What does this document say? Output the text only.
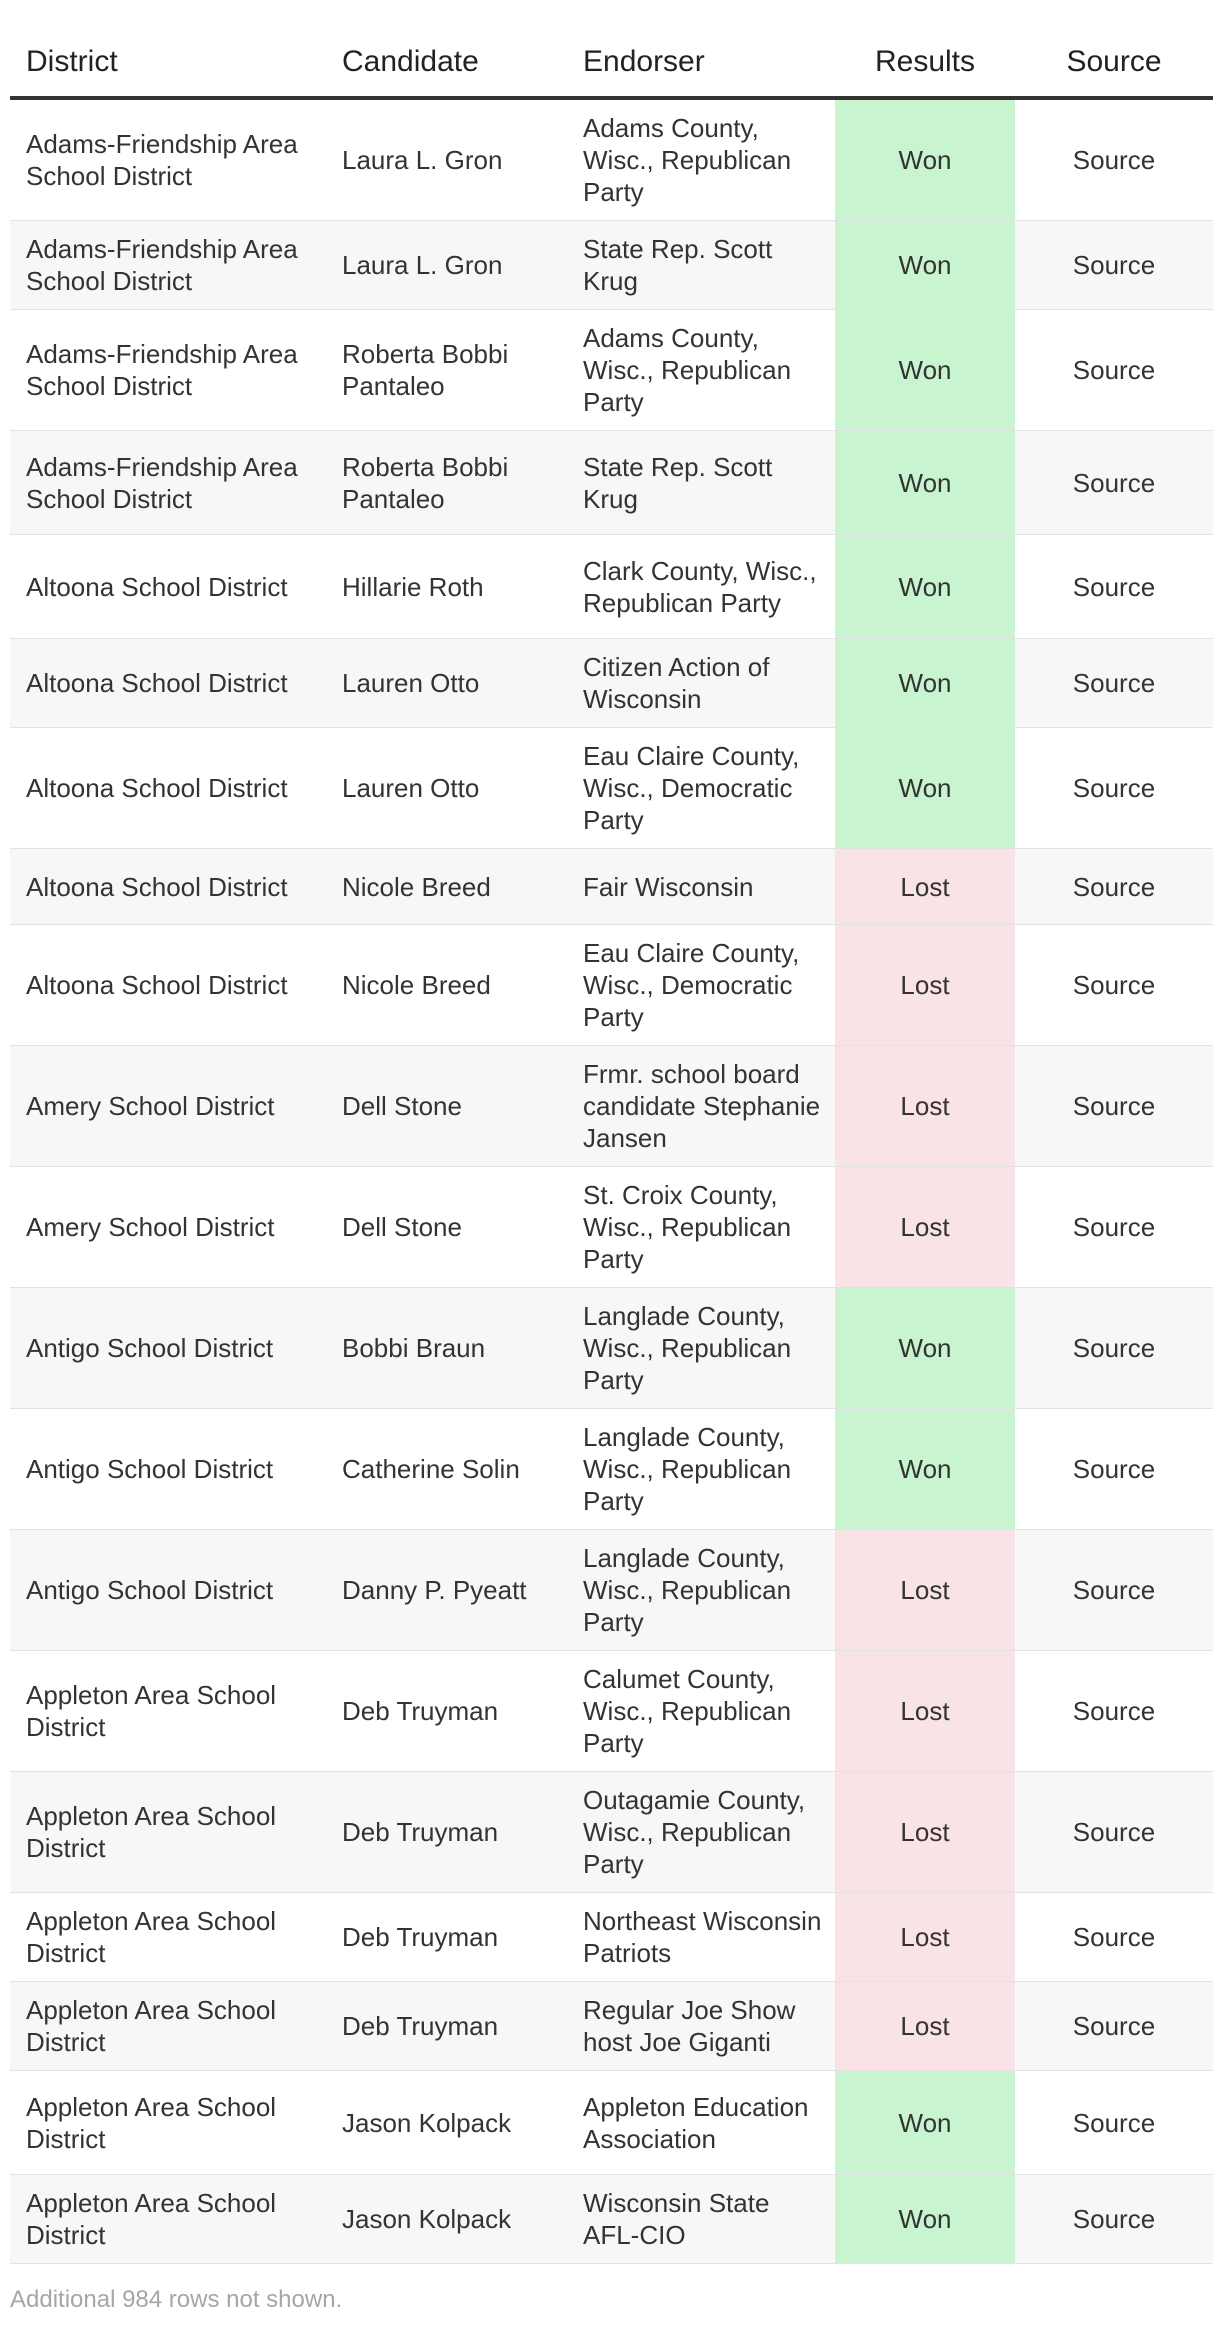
District	Candidate	Endorser	Results	Source
Adams-Friendship Area School District	Laura L. Gron	Adams County, Wisc., Republican Party	Won	Source
Adams-Friendship Area School District	Laura L. Gron	State Rep. Scott Krug	Won	Source
Adams-Friendship Area School District	Roberta Bobbi Pantaleo	Adams County, Wisc., Republican Party	Won	Source
Adams-Friendship Area School District	Roberta Bobbi Pantaleo	State Rep. Scott Krug	Won	Source
Altoona School District	Hillarie Roth	Clark County, Wisc., Republican Party	Won	Source
Altoona School District	Lauren Otto	Citizen Action of Wisconsin	Won	Source
Altoona School District	Lauren Otto	Eau Claire County, Wisc., Democratic Party	Won	Source
Altoona School District	Nicole Breed	Fair Wisconsin	Lost	Source
Altoona School District	Nicole Breed	Eau Claire County, Wisc., Democratic Party	Lost	Source
Amery School District	Dell Stone	Frmr. school board candidate Stephanie Jansen	Lost	Source
Amery School District	Dell Stone	St. Croix County, Wisc., Republican Party	Lost	Source
Antigo School District	Bobbi Braun	Langlade County, Wisc., Republican Party	Won	Source
Antigo School District	Catherine Solin	Langlade County, Wisc., Republican Party	Won	Source
Antigo School District	Danny P. Pyeatt	Langlade County, Wisc., Republican Party	Lost	Source
Appleton Area School District	Deb Truyman	Calumet County, Wisc., Republican Party	Lost	Source
Appleton Area School District	Deb Truyman	Outagamie County, Wisc., Republican Party	Lost	Source
Appleton Area School District	Deb Truyman	Northeast Wisconsin Patriots	Lost	Source
Appleton Area School District	Deb Truyman	Regular Joe Show host Joe Giganti	Lost	Source
Appleton Area School District	Jason Kolpack	Appleton Education Association	Won	Source
Appleton Area School District	Jason Kolpack	Wisconsin State AFL-CIO	Won	Source
Additional 984 rows not shown.
